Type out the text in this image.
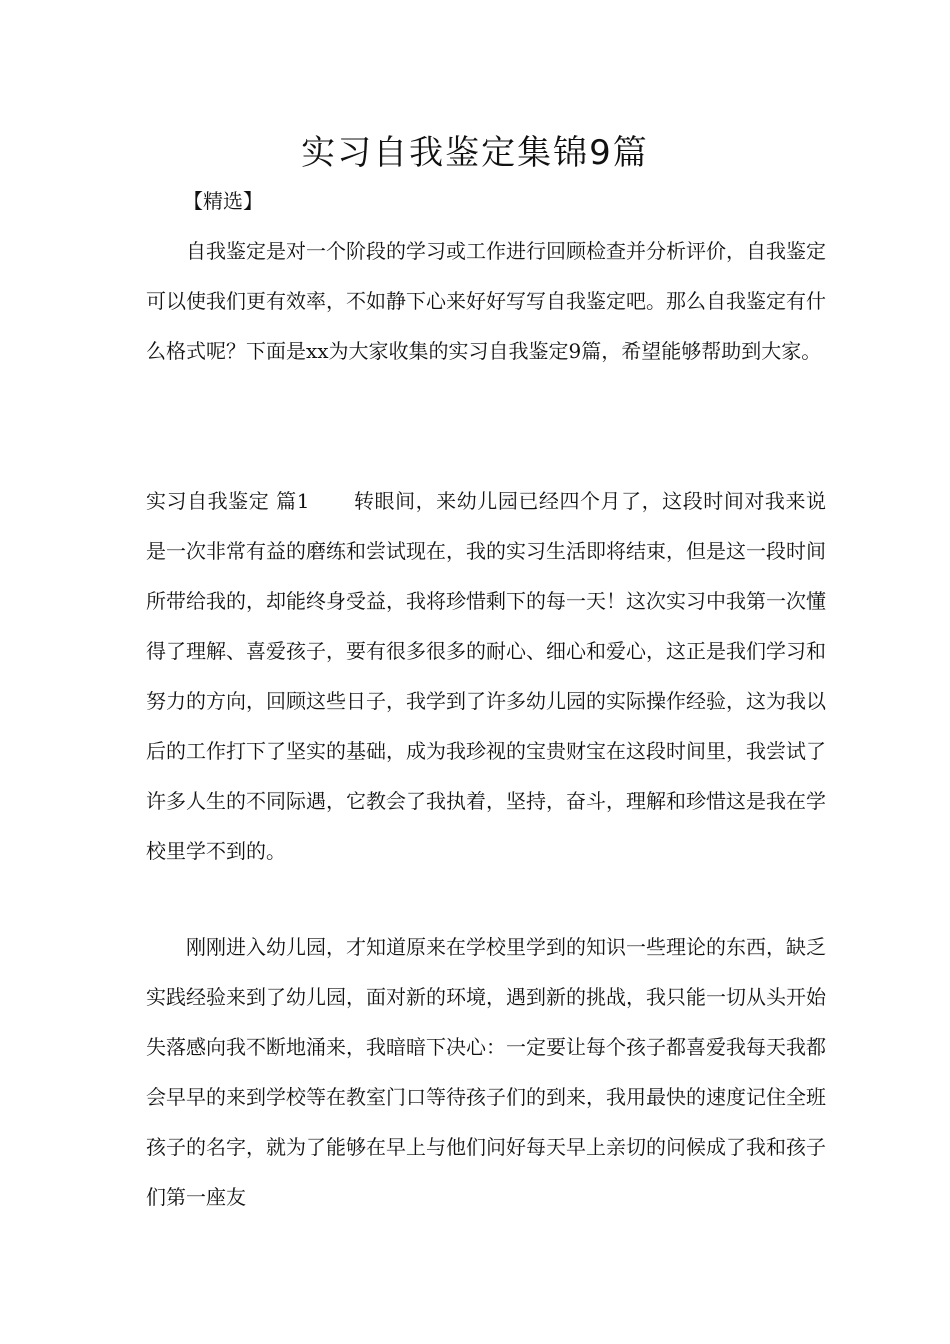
实习自我鉴定集锦9篇

【精选】

自我鉴定是对一个阶段的学习或工作进行回顾检查并分析评价，自我鉴定可以使我们更有效率，不如静下心来好好写写自我鉴定吧。那么自我鉴定有什么格式呢？下面是xx为大家收集的实习自我鉴定9篇，希望能够帮助到大家。

实习自我鉴定 篇1 转眼间，来幼儿园已经四个月了，这段时间对我来说是一次非常有益的磨练和尝试现在，我的实习生活即将结束，但是这一段时间所带给我的，却能终身受益，我将珍惜剩下的每一天！这次实习中我第一次懂得了理解、喜爱孩子，要有很多很多的耐心、细心和爱心，这正是我们学习和努力的方向，回顾这些日子，我学到了许多幼儿园的实际操作经验，这为我以后的工作打下了坚实的基础，成为我珍视的宝贵财宝在这段时间里，我尝试了许多人生的不同际遇，它教会了我执着，坚持，奋斗，理解和珍惜这是我在学校里学不到的。

刚刚进入幼儿园，才知道原来在学校里学到的知识一些理论的东西，缺乏实践经验来到了幼儿园，面对新的环境，遇到新的挑战，我只能一切从头开始失落感向我不断地涌来，我暗暗下决心：一定要让每个孩子都喜爱我每天我都会早早的来到学校等在教室门口等待孩子们的到来，我用最快的速度记住全班孩子的名字，就为了能够在早上与他们问好每天早上亲切的问候成了我和孩子们第一座友
